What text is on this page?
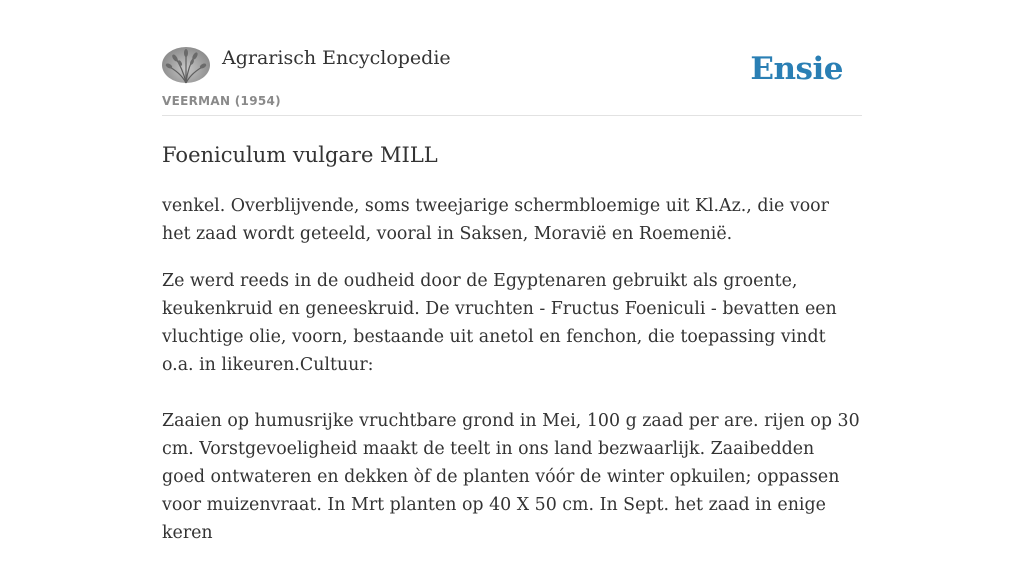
Agrarisch Encyclopedie
VEERMAN (1954)
Ensie
Foeniculum vulgare MILL

venkel. Overblijvende, soms tweejarige schermbloemige uit Kl.Az., die voor het zaad wordt geteeld, vooral in Saksen, Moravië en Roemenië.

Ze werd reeds in de oudheid door de Egyptenaren gebruikt als groente, keukenkruid en geneeskruid. De vruchten - Fructus Foeniculi - bevatten een vluchtige olie, voorn, bestaande uit anetol en fenchon, die toepassing vindt o.a. in likeuren.Cultuur:

Zaaien op humusrijke vruchtbare grond in Mei, 100 g zaad per are. rijen op 30 cm. Vorstgevoeligheid maakt de teelt in ons land bezwaarlijk. Zaaibedden goed ontwateren en dekken òf de planten vóór de winter opkuilen; oppassen voor muizenvraat. In Mrt planten op 40 X 50 cm. In Sept. het zaad in enige keren
